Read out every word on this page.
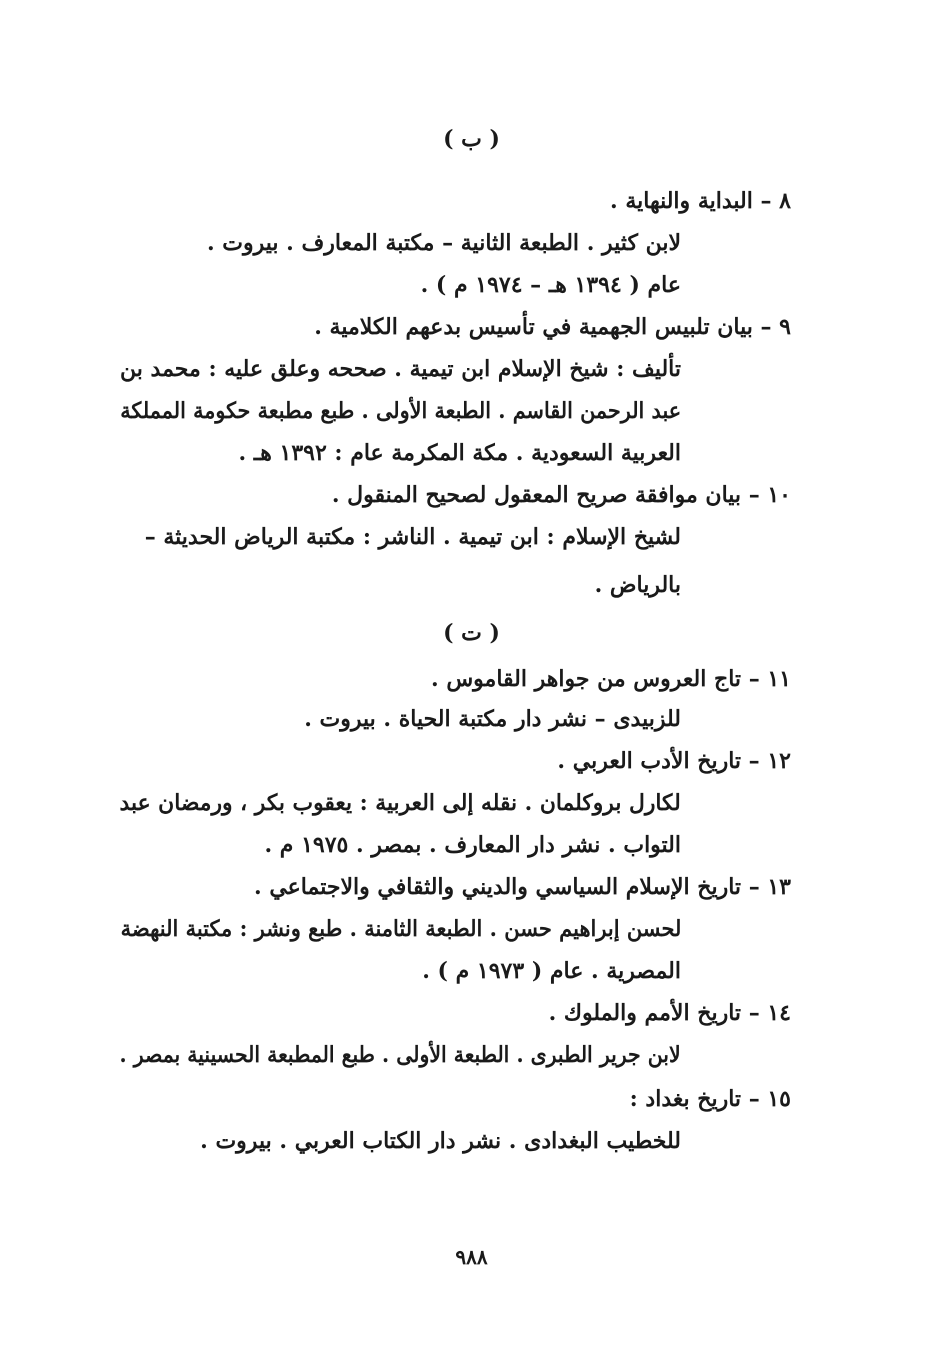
( ب )
٨ – البداية والنهاية .
لابن كثير . الطبعة الثانية – مكتبة المعارف . بيروت .
عام ( ١٣٩٤ هـ – ١٩٧٤ م ) .
٩ – بيان تلبيس الجهمية في تأسيس بدعهم الكلامية .
تأليف : شيخ الإسلام ابن تيمية . صححه وعلق عليه : محمد بن
عبد الرحمن القاسم . الطبعة الأولى . طبع مطبعة حكومة المملكة
العربية السعودية . مكة المكرمة عام : ١٣٩٢ هـ .
١٠ – بيان موافقة صريح المعقول لصحيح المنقول .
لشيخ الإسلام : ابن تيمية . الناشر : مكتبة الرياض الحديثة –
بالرياض .
( ت )
١١ – تاج العروس من جواهر القاموس .
للزبيدى – نشر دار مكتبة الحياة . بيروت .
١٢ – تاريخ الأدب العربي .
لكارل بروكلمان . نقله إلى العربية : يعقوب بكر ، ورمضان عبد
التواب . نشر دار المعارف . بمصر . ١٩٧٥ م .
١٣ – تاريخ الإسلام السياسي والديني والثقافي والاجتماعي .
لحسن إبراهيم حسن . الطبعة الثامنة . طبع ونشر : مكتبة النهضة
المصرية . عام ( ١٩٧٣ م ) .
١٤ – تاريخ الأمم والملوك .
لابن جرير الطبرى . الطبعة الأولى . طبع المطبعة الحسينية بمصر .
١٥ – تاريخ بغداد :
للخطيب البغدادى . نشر دار الكتاب العربي . بيروت .
٩٨٨
